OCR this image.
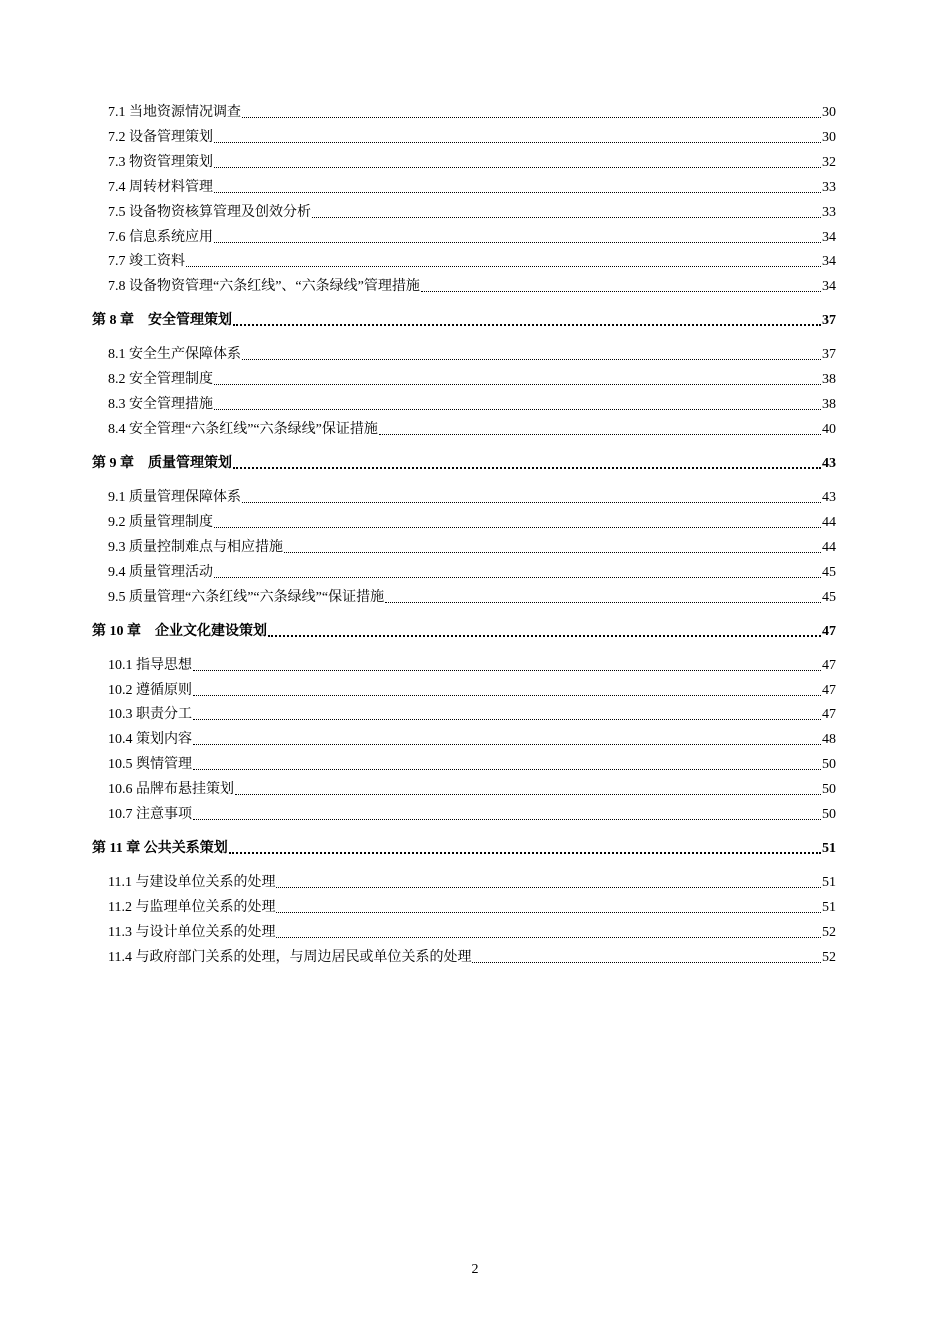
7.1 当地资源情况调查	30
7.2 设备管理策划	30
7.3 物资管理策划	32
7.4 周转材料管理	33
7.5 设备物资核算管理及创效分析	33
7.6 信息系统应用	34
7.7 竣工资料	34
7.8 设备物资管理“六条红线”、“六条绿线”管理措施	34
第 8 章　安全管理策划	37
8.1 安全生产保障体系	37
8.2 安全管理制度	38
8.3 安全管理措施	38
8.4 安全管理“六条红线”“六条绿线”保证措施	40
第 9 章　质量管理策划	43
9.1 质量管理保障体系	43
9.2 质量管理制度	44
9.3 质量控制难点与相应措施	44
9.4 质量管理活动	45
9.5 质量管理“六条红线”“六条绿线”“保证措施	45
第 10 章　企业文化建设策划	47
10.1 指导思想	47
10.2 遵循原则	47
10.3 职责分工	47
10.4 策划内容	48
10.5 舆情管理	50
10.6 品牌布悬挂策划	50
10.7 注意事项	50
第 11 章 公共关系策划	51
11.1 与建设单位关系的处理	51
11.2 与监理单位关系的处理	51
11.3 与设计单位关系的处理	52
11.4 与政府部门关系的处理，与周边居民或单位关系的处理	52
2
